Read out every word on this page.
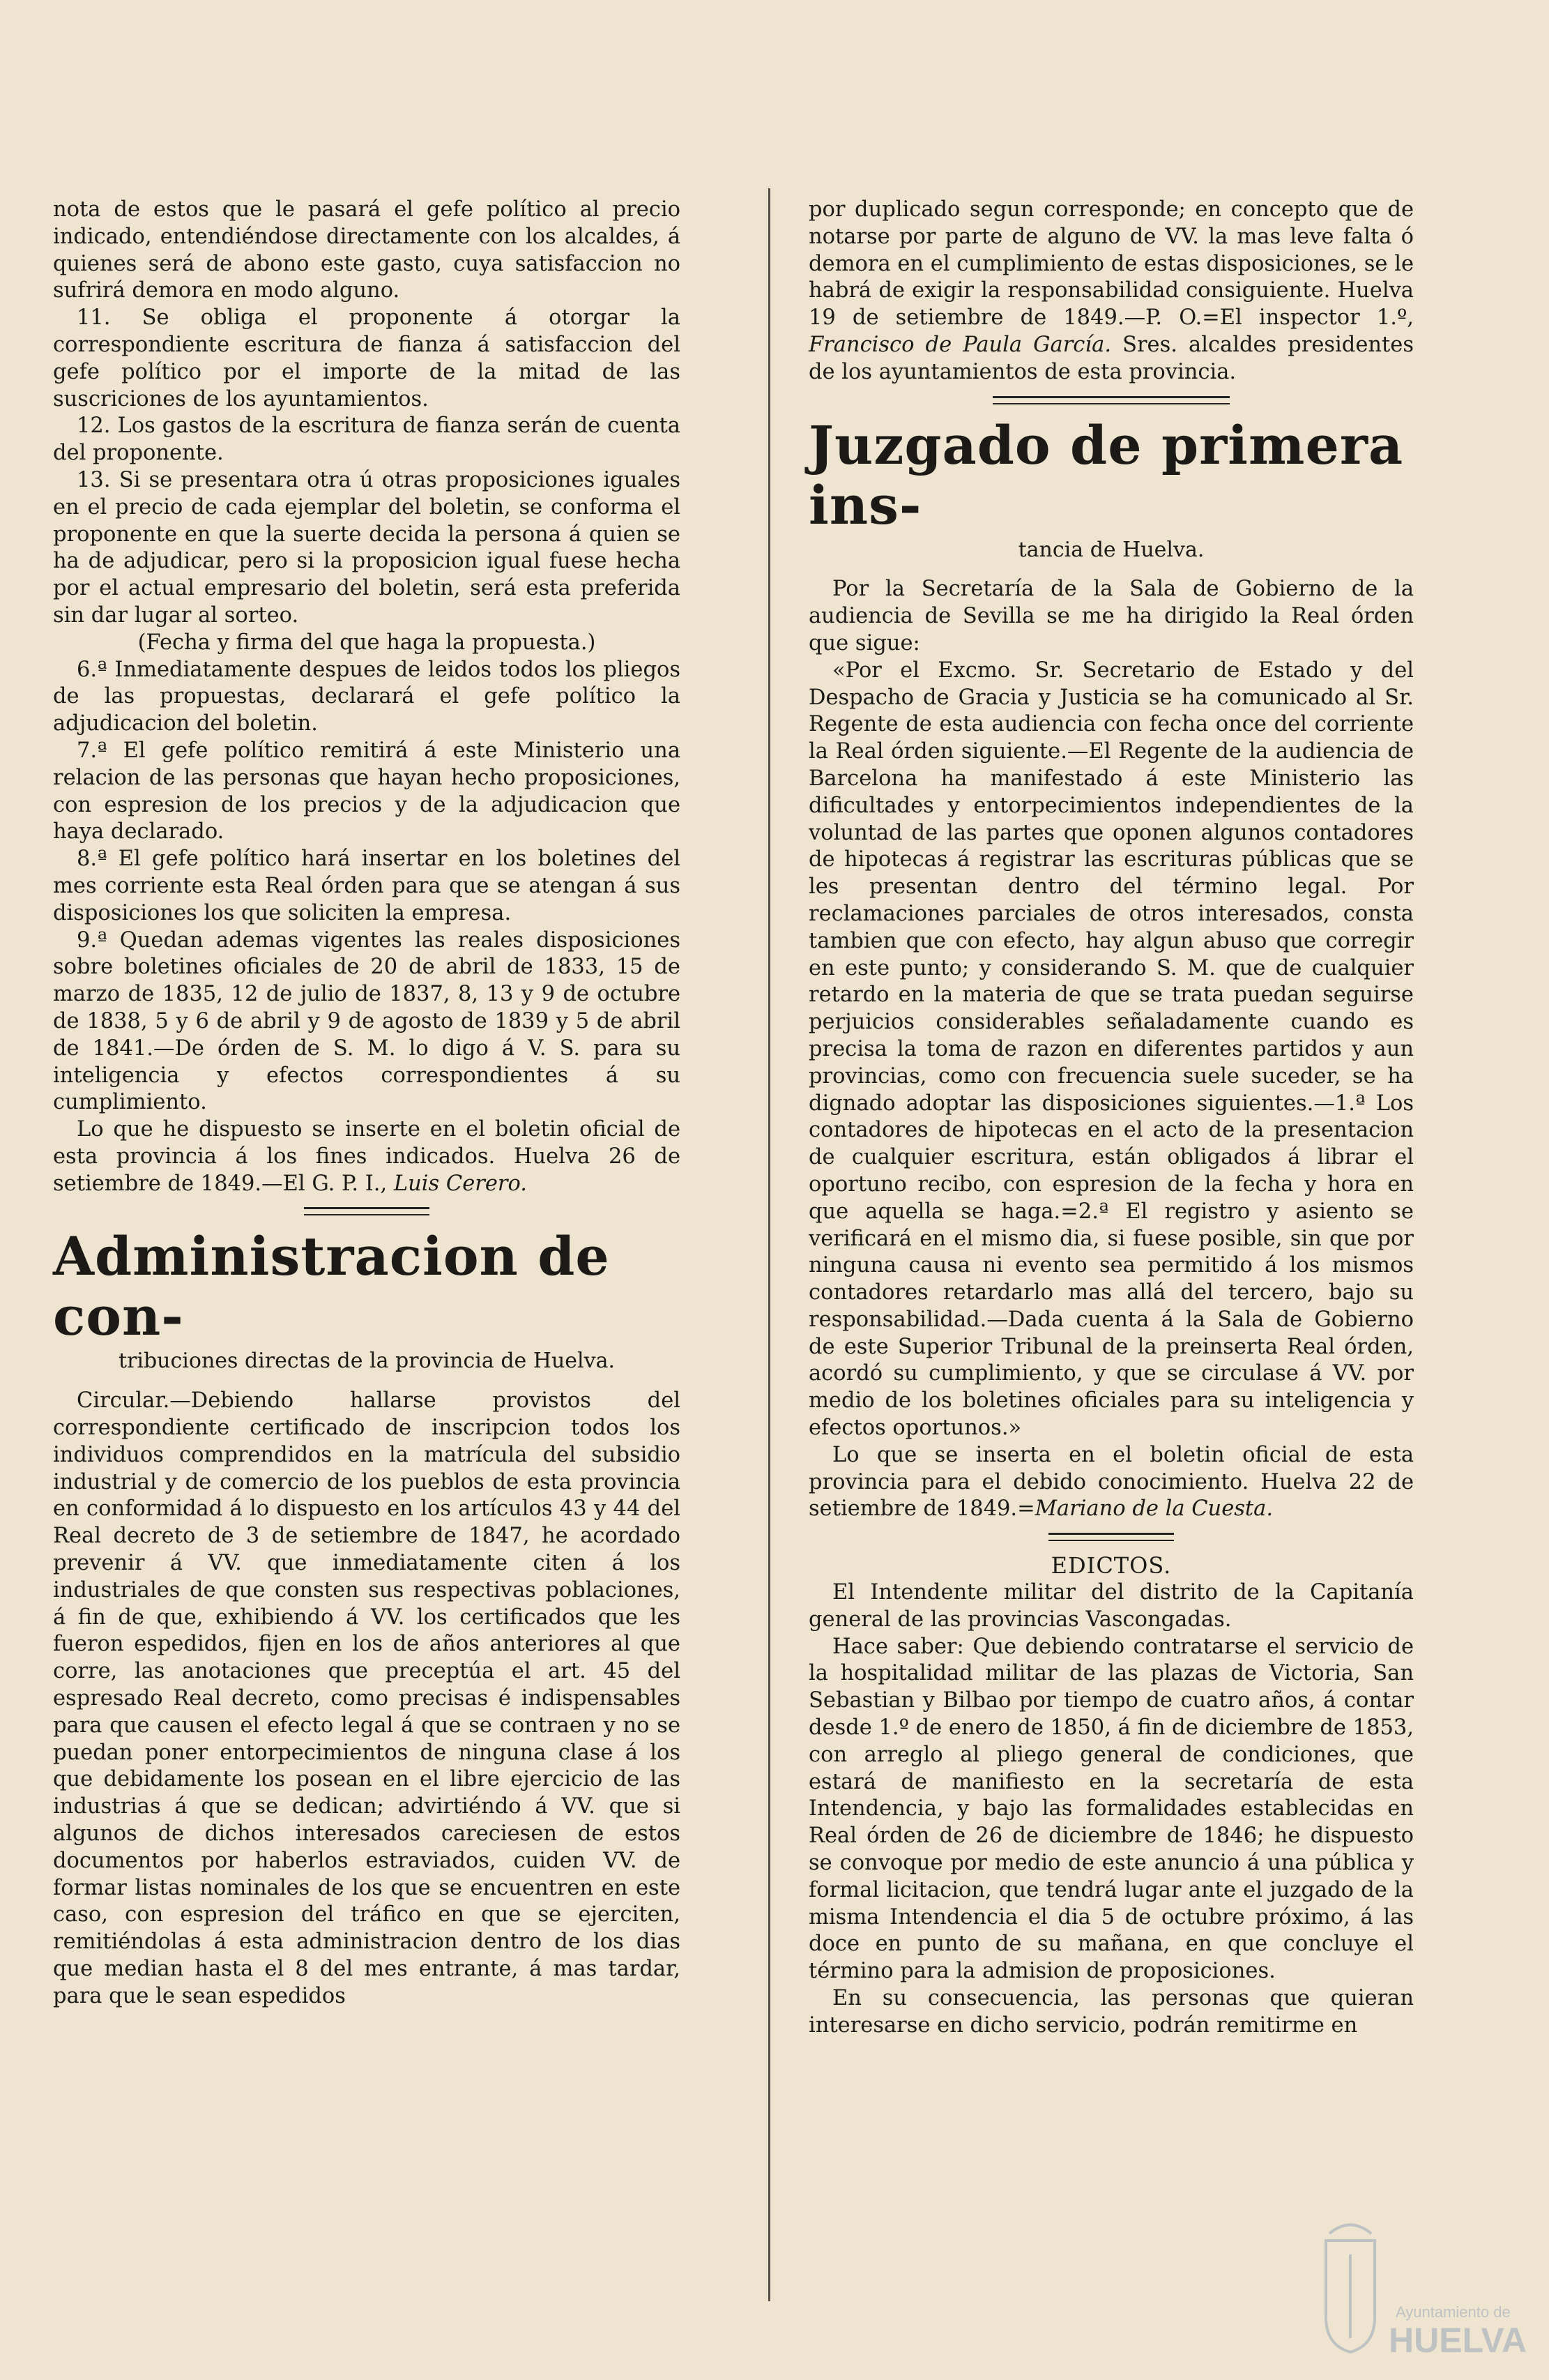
nota de estos que le pasará el gefe político al precio indicado, entendiéndose directamente con los alcaldes, á quienes será de abono este gasto, cuya satisfaccion no sufrirá demora en modo alguno.

11. Se obliga el proponente á otorgar la correspondiente escritura de fianza á satisfaccion del gefe político por el importe de la mitad de las suscriciones de los ayuntamientos.

12. Los gastos de la escritura de fianza serán de cuenta del proponente.

13. Si se presentara otra ú otras proposiciones iguales en el precio de cada ejemplar del boletin, se conforma el proponente en que la suerte decida la persona á quien se ha de adjudicar, pero si la proposicion igual fuese hecha por el actual empresario del boletin, será esta preferida sin dar lugar al sorteo.

(Fecha y firma del que haga la propuesta.)

6.ª Inmediatamente despues de leidos todos los pliegos de las propuestas, declarará el gefe político la adjudicacion del boletin.

7.ª El gefe político remitirá á este Ministerio una relacion de las personas que hayan hecho proposiciones, con espresion de los precios y de la adjudicacion que haya declarado.

8.ª El gefe político hará insertar en los boletines del mes corriente esta Real órden para que se atengan á sus disposiciones los que soliciten la empresa.

9.ª Quedan ademas vigentes las reales disposiciones sobre boletines oficiales de 20 de abril de 1833, 15 de marzo de 1835, 12 de julio de 1837, 8, 13 y 9 de octubre de 1838, 5 y 6 de abril y 9 de agosto de 1839 y 5 de abril de 1841.—De órden de S. M. lo digo á V. S. para su inteligencia y efectos correspondientes á su cumplimiento.

Lo que he dispuesto se inserte en el boletin oficial de esta provincia á los fines indicados. Huelva 26 de setiembre de 1849.—El G. P. I., Luis Cerero.

Administracion de con-
tribuciones directas de la provincia de Huelva.

Circular.—Debiendo hallarse provistos del correspondiente certificado de inscripcion todos los individuos comprendidos en la matrícula del subsidio industrial y de comercio de los pueblos de esta provincia en conformidad á lo dispuesto en los artículos 43 y 44 del Real decreto de 3 de setiembre de 1847, he acordado prevenir á VV. que inmediatamente citen á los industriales de que consten sus respectivas poblaciones, á fin de que, exhibiendo á VV. los certificados que les fueron espedidos, fijen en los de años anteriores al que corre, las anotaciones que preceptúa el art. 45 del espresado Real decreto, como precisas é indispensables para que causen el efecto legal á que se contraen y no se puedan poner entorpecimientos de ninguna clase á los que debidamente los posean en el libre ejercicio de las industrias á que se dedican; advirtiéndo á VV. que si algunos de dichos interesados careciesen de estos documentos por haberlos estraviados, cuiden VV. de formar listas nominales de los que se encuentren en este caso, con espresion del tráfico en que se ejerciten, remitiéndolas á esta administracion dentro de los dias que median hasta el 8 del mes entrante, á mas tardar, para que le sean espedidos

por duplicado segun corresponde; en concepto que de notarse por parte de alguno de VV. la mas leve falta ó demora en el cumplimiento de estas disposiciones, se le habrá de exigir la responsabilidad consiguiente. Huelva 19 de setiembre de 1849.—P. O.=El inspector 1.º, Francisco de Paula García. Sres. alcaldes presidentes de los ayuntamientos de esta provincia.

Juzgado de primera ins-
tancia de Huelva.

Por la Secretaría de la Sala de Gobierno de la audiencia de Sevilla se me ha dirigido la Real órden que sigue:

«Por el Excmo. Sr. Secretario de Estado y del Despacho de Gracia y Justicia se ha comunicado al Sr. Regente de esta audiencia con fecha once del corriente la Real órden siguiente.—El Regente de la audiencia de Barcelona ha manifestado á este Ministerio las dificultades y entorpecimientos independientes de la voluntad de las partes que oponen algunos contadores de hipotecas á registrar las escrituras públicas que se les presentan dentro del término legal. Por reclamaciones parciales de otros interesados, consta tambien que con efecto, hay algun abuso que corregir en este punto; y considerando S. M. que de cualquier retardo en la materia de que se trata puedan seguirse perjuicios considerables señaladamente cuando es precisa la toma de razon en diferentes partidos y aun provincias, como con frecuencia suele suceder, se ha dignado adoptar las disposiciones siguientes.—1.ª Los contadores de hipotecas en el acto de la presentacion de cualquier escritura, están obligados á librar el oportuno recibo, con espresion de la fecha y hora en que aquella se haga.=2.ª El registro y asiento se verificará en el mismo dia, si fuese posible, sin que por ninguna causa ni evento sea permitido á los mismos contadores retardarlo mas allá del tercero, bajo su responsabilidad.—Dada cuenta á la Sala de Gobierno de este Superior Tribunal de la preinserta Real órden, acordó su cumplimiento, y que se circulase á VV. por medio de los boletines oficiales para su inteligencia y efectos oportunos.»

Lo que se inserta en el boletin oficial de esta provincia para el debido conocimiento. Huelva 22 de setiembre de 1849.=Mariano de la Cuesta.

EDICTOS.

El Intendente militar del distrito de la Capitanía general de las provincias Vascongadas.

Hace saber: Que debiendo contratarse el servicio de la hospitalidad militar de las plazas de Victoria, San Sebastian y Bilbao por tiempo de cuatro años, á contar desde 1.º de enero de 1850, á fin de diciembre de 1853, con arreglo al pliego general de condiciones, que estará de manifiesto en la secretaría de esta Intendencia, y bajo las formalidades establecidas en Real órden de 26 de diciembre de 1846; he dispuesto se convoque por medio de este anuncio á una pública y formal licitacion, que tendrá lugar ante el juzgado de la misma Intendencia el dia 5 de octubre próximo, á las doce en punto de su mañana, en que concluye el término para la admision de proposiciones.

En su consecuencia, las personas que quieran interesarse en dicho servicio, podrán remitirme en

Ayuntamiento de
HUELVA
